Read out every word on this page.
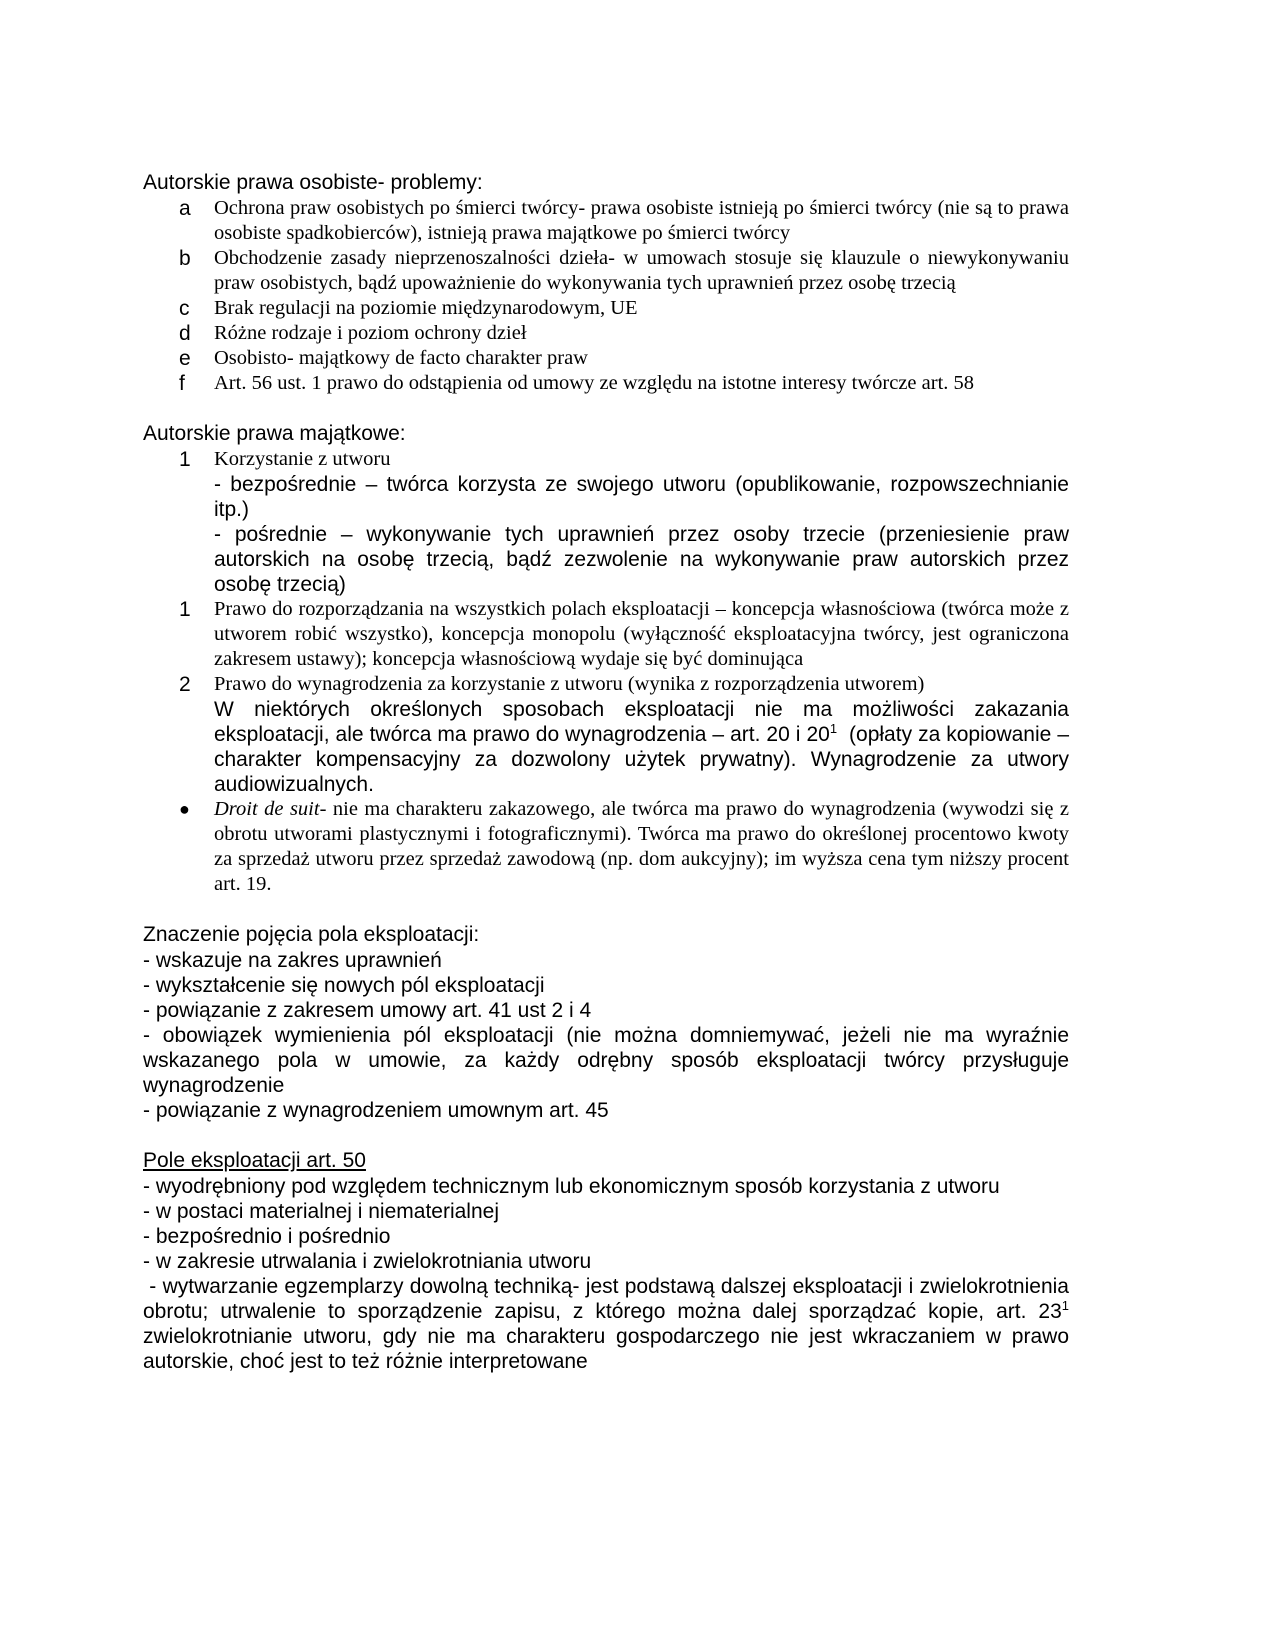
Autorskie prawa osobiste- problemy:

a	Ochrona praw osobistych po śmierci twórcy- prawa osobiste istnieją po śmierci twórcy (nie są to prawa osobiste spadkobierców), istnieją prawa majątkowe po śmierci twórcy
b	Obchodzenie zasady nieprzenoszalności dzieła- w umowach stosuje się klauzule o niewykonywaniu praw osobistych, bądź upoważnienie do wykonywania tych uprawnień przez osobę trzecią
c	Brak regulacji na poziomie międzynarodowym, UE
d	Różne rodzaje i poziom ochrony dzieł
e	Osobisto- majątkowy de facto charakter praw
f	Art. 56 ust. 1 prawo do odstąpienia od umowy ze względu na istotne interesy twórcze art. 58

Autorskie prawa majątkowe:

1	Korzystanie z utworu

- bezpośrednie – twórca korzysta ze swojego utworu (opublikowanie, rozpowszechnianie itp.)

- pośrednie – wykonywanie tych uprawnień przez osoby trzecie (przeniesienie praw autorskich na osobę trzecią, bądź zezwolenie na wykonywanie praw autorskich przez osobę trzecią)

1	Prawo do rozporządzania na wszystkich polach eksploatacji – koncepcja własnościowa (twórca może z utworem robić wszystko), koncepcja monopolu (wyłączność eksploatacyjna twórcy, jest ograniczona zakresem ustawy); koncepcja własnościową wydaje się być dominująca
2	Prawo do wynagrodzenia za korzystanie z utworu (wynika z rozporządzenia utworem)

W niektórych określonych sposobach eksploatacji nie ma możliwości zakazania eksploatacji, ale twórca ma prawo do wynagrodzenia – art. 20 i $20^1$  (opłaty za kopiowanie – charakter kompensacyjny za dozwolony użytek prywatny). Wynagrodzenie za utwory audiowizualnych.

●	Droit de suit- nie ma charakteru zakazowego, ale twórca ma prawo do wynagrodzenia (wywodzi się z obrotu utworami plastycznymi i fotograficznymi). Twórca ma prawo do określonej procentowo kwoty za sprzedaż utworu przez sprzedaż zawodową (np. dom aukcyjny); im wyższa cena tym niższy procent art. 19.

Znaczenie pojęcia pola eksploatacji:

- wskazuje na zakres uprawnień

- wykształcenie się nowych pól eksploatacji

- powiązanie z zakresem umowy art. 41 ust 2 i 4

- obowiązek wymienienia pól eksploatacji (nie można domniemywać, jeżeli nie ma wyraźnie wskazanego pola w umowie, za każdy odrębny sposób eksploatacji twórcy przysługuje wynagrodzenie

- powiązanie z wynagrodzeniem umownym art. 45

Pole eksploatacji art. 50

- wyodrębniony pod względem technicznym lub ekonomicznym sposób korzystania z utworu

- w postaci materialnej i niematerialnej

- bezpośrednio i pośrednio

- w zakresie utrwalania i zwielokrotniania utworu

- wytwarzanie egzemplarzy dowolną techniką- jest podstawą dalszej eksploatacji i zwielokrotnienia obrotu; utrwalenie to sporządzenie zapisu, z którego można dalej sporządzać kopie, art. $23^1$ zwielokrotnianie utworu, gdy nie ma charakteru gospodarczego nie jest wkraczaniem w prawo autorskie, choć jest to też różnie interpretowane
